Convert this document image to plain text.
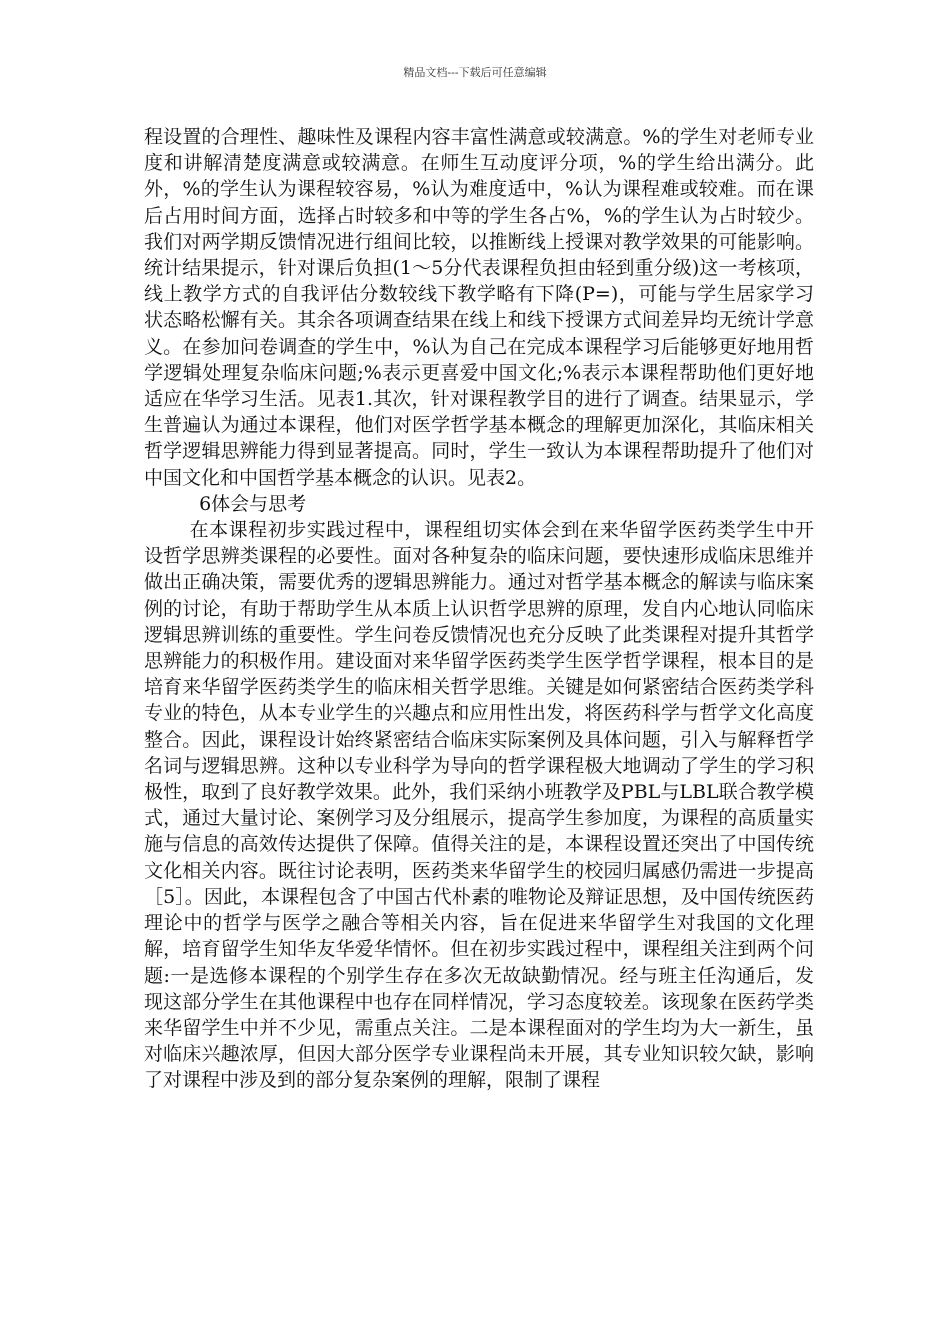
精品文档---下载后可任意编辑

程设置的合理性、趣味性及课程内容丰富性满意或较满意。%的学生对老师专业度和讲解清楚度满意或较满意。在师生互动度评分项，%的学生给出满分。此外，%的学生认为课程较容易，%认为难度适中，%认为课程难或较难。而在课后占用时间方面，选择占时较多和中等的学生各占%，%的学生认为占时较少。我们对两学期反馈情况进行组间比较，以推断线上授课对教学效果的可能影响。统计结果提示，针对课后负担(1～5分代表课程负担由轻到重分级)这一考核项，线上教学方式的自我评估分数较线下教学略有下降(P=)，可能与学生居家学习状态略松懈有关。其余各项调查结果在线上和线下授课方式间差异均无统计学意义。在参加问卷调查的学生中，%认为自己在完成本课程学习后能够更好地用哲学逻辑处理复杂临床问题;%表示更喜爱中国文化;%表示本课程帮助他们更好地适应在华学习生活。见表1.其次，针对课程教学目的进行了调查。结果显示，学生普遍认为通过本课程，他们对医学哲学基本概念的理解更加深化，其临床相关哲学逻辑思辨能力得到显著提高。同时，学生一致认为本课程帮助提升了他们对中国文化和中国哲学基本概念的认识。见表2。

6体会与思考

在本课程初步实践过程中，课程组切实体会到在来华留学医药类学生中开设哲学思辨类课程的必要性。面对各种复杂的临床问题，要快速形成临床思维并做出正确决策，需要优秀的逻辑思辨能力。通过对哲学基本概念的解读与临床案例的讨论，有助于帮助学生从本质上认识哲学思辨的原理，发自内心地认同临床逻辑思辨训练的重要性。学生问卷反馈情况也充分反映了此类课程对提升其哲学思辨能力的积极作用。建设面对来华留学医药类学生医学哲学课程，根本目的是培育来华留学医药类学生的临床相关哲学思维。关键是如何紧密结合医药类学科专业的特色，从本专业学生的兴趣点和应用性出发，将医药科学与哲学文化高度整合。因此，课程设计始终紧密结合临床实际案例及具体问题，引入与解释哲学名词与逻辑思辨。这种以专业科学为导向的哲学课程极大地调动了学生的学习积极性，取到了良好教学效果。此外，我们采纳小班教学及PBL与LBL联合教学模式，通过大量讨论、案例学习及分组展示，提高学生参加度，为课程的高质量实施与信息的高效传达提供了保障。值得关注的是，本课程设置还突出了中国传统文化相关内容。既往讨论表明，医药类来华留学生的校园归属感仍需进一步提高［5］。因此，本课程包含了中国古代朴素的唯物论及辩证思想，及中国传统医药理论中的哲学与医学之融合等相关内容，旨在促进来华留学生对我国的文化理解，培育留学生知华友华爱华情怀。但在初步实践过程中，课程组关注到两个问题:一是选修本课程的个别学生存在多次无故缺勤情况。经与班主任沟通后，发现这部分学生在其他课程中也存在同样情况，学习态度较差。该现象在医药学类来华留学生中并不少见，需重点关注。二是本课程面对的学生均为大一新生，虽对临床兴趣浓厚，但因大部分医学专业课程尚未开展，其专业知识较欠缺，影响了对课程中涉及到的部分复杂案例的理解，限制了课程
